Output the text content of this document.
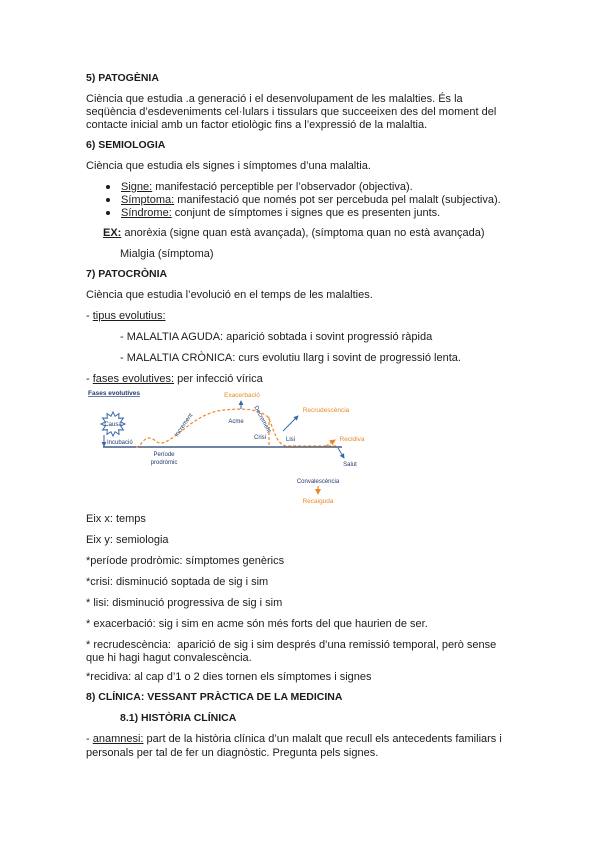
5) PATOGÈNIA
Ciència que estudia .a generació i el desenvolupament de les malalties. És la
seqüència d’esdeveniments cel·lulars i tissulars que succeeixen des del moment del
contacte inicial amb un factor etiològic fins a l’expressió de la malaltia.
6) SEMIOLOGIA
Ciència que estudia els signes i símptomes d’una malaltia.
Signe: manifestació perceptible per l’observador (objectiva).
Símptoma: manifestació que només pot ser percebuda pel malalt (subjectiva).
Síndrome: conjunt de símptomes i signes que es presenten junts.
EX: anorèxia (signe quan està avançada), (símptoma quan no està avançada)
Mialgia (símptoma)
7) PATOCRÒNIA
Ciència que estudia l’evolució en el temps de les malalties.
- tipus evolutius:
- MALALTIA AGUDA: aparició sobtada i sovint progressió ràpida
- MALALTIA CRÒNICA: curs evolutiu llarg i sovint de progressió lenta.
- fases evolutives: per infecció vírica
Fases evolutives
Causa
Incubació
Període
prodròmic
Increment	Acme
Exacerbació
Decrement	Recrudescència
Crisi	Lisi	Recidiva
Salut
Convalescència
Recaiguda
Eix x: temps
Eix y: semiologia
*període prodròmic: símptomes genèrics
*crisi: disminució soptada de sig i sim
* lisi: disminució progressiva de sig i sim
* exacerbació: sig i sim en acme són més forts del que haurien de ser.
* recrudescència:  aparició de sig i sim després d’una remissió temporal, però sense
que hi hagi hagut convalescència.
*recidiva: al cap d’1 o 2 dies tornen els símptomes i signes
8) CLÍNICA: VESSANT PRÀCTICA DE LA MEDICINA
8.1) HISTÒRIA CLÍNICA
- anamnesi: part de la història clínica d’un malalt que recull els antecedents familiars i
personals per tal de fer un diagnòstic. Pregunta pels signes.
